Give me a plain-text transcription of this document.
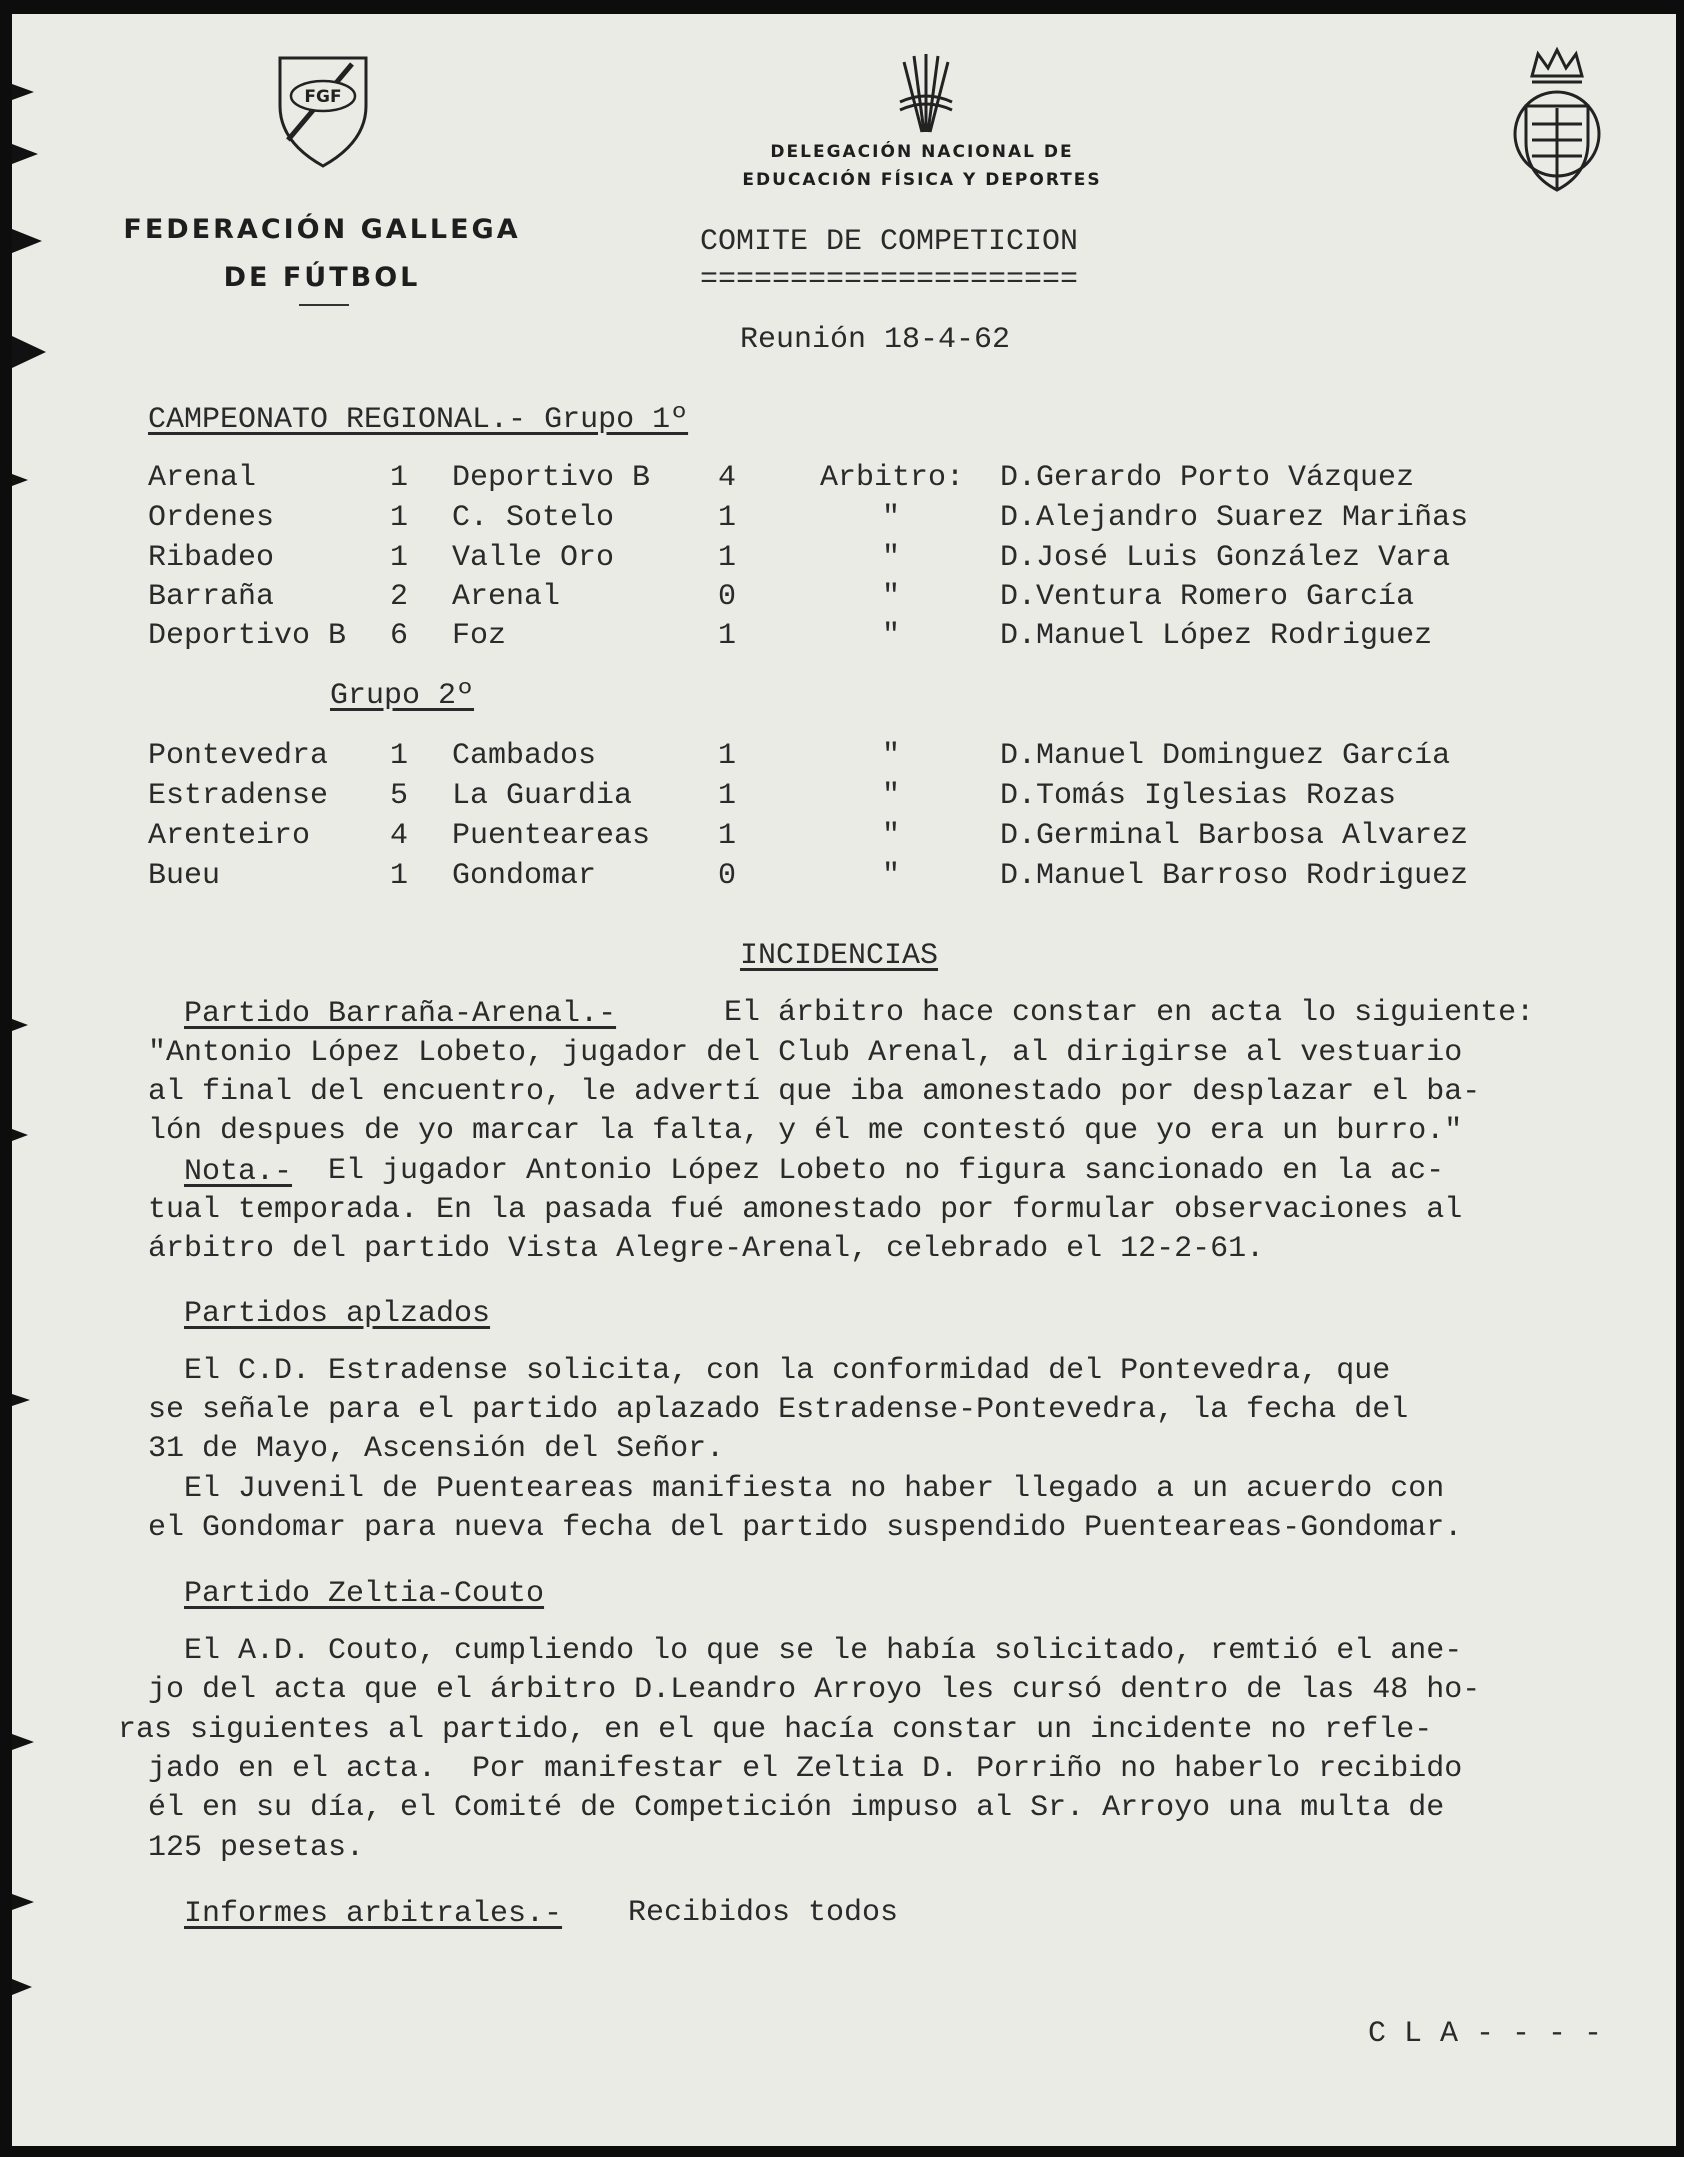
FGF
FEDERACIÓN GALLEGA
DE FÚTBOL
DELEGACIÓN NACIONAL DE
EDUCACIÓN FÍSICA Y DEPORTES
COMITE DE COMPETICION
=====================
Reunión 18-4-62
CAMPEONATO REGIONAL.- Grupo 1º
Arenal	1 Deportivo B 4	Arbitro: D.Gerardo Porto Vázquez
Ordenes	1 C. Sotelo	1	"	D.Alejandro Suarez Mariñas
Ribadeo	1 Valle Oro	1	"	D.José Luis González Vara
Barraña	2 Arenal	0	"	D.Ventura Romero García
Deportivo B 6 Foz	1	"	D.Manuel López Rodriguez
Grupo 2º
Pontevedra 1 Cambados	1	"	D.Manuel Dominguez García
Estradense 5 La Guardia	1	"	D.Tomás Iglesias Rozas
Arenteiro	4 Puenteareas 1	"	D.Germinal Barbosa Alvarez
Bueu	1 Gondomar	0	"	D.Manuel Barroso Rodriguez
INCIDENCIAS
Partido Barraña-Arenal.-	El árbitro hace constar en acta lo siguiente:
"Antonio López Lobeto, jugador del Club Arenal, al dirigirse al vestuario
al final del encuentro, le advertí que iba amonestado por desplazar el ba-
lón despues de yo marcar la falta, y él me contestó que yo era un burro."
Nota.- El jugador Antonio López Lobeto no figura sancionado en la ac-
tual temporada. En la pasada fué amonestado por formular observaciones al
árbitro del partido Vista Alegre-Arenal, celebrado el 12-2-61.
Partidos aplzados
El C.D. Estradense solicita, con la conformidad del Pontevedra, que
se señale para el partido aplazado Estradense-Pontevedra, la fecha del
31 de Mayo, Ascensión del Señor.
El Juvenil de Puenteareas manifiesta no haber llegado a un acuerdo con
el Gondomar para nueva fecha del partido suspendido Puenteareas-Gondomar.
Partido Zeltia-Couto
El A.D. Couto, cumpliendo lo que se le había solicitado, remtió el ane-
jo del acta que el árbitro D.Leandro Arroyo les cursó dentro de las 48 ho-
ras siguientes al partido, en el que hacía constar un incidente no refle-
jado en el acta.  Por manifestar el Zeltia D. Porriño no haberlo recibido
él en su día, el Comité de Competición impuso al Sr. Arroyo una multa de
125 pesetas.
Informes arbitrales.- Recibidos todos
C L A - - - -
